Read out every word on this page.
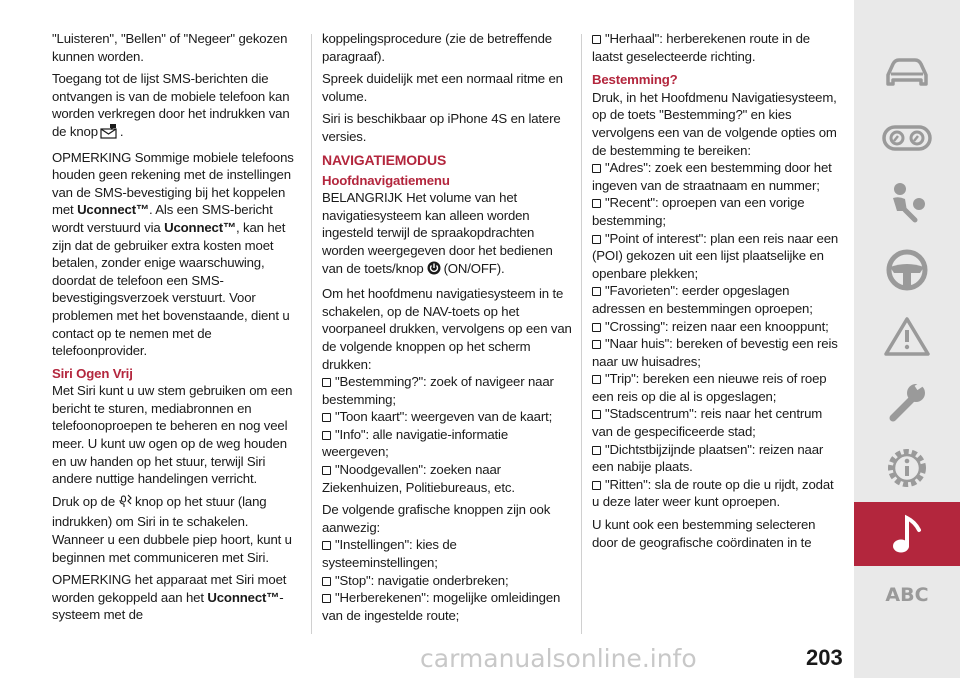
"Luisteren", "Bellen" of "Negeer" gekozen kunnen worden.

Toegang tot de lijst SMS-berichten die ontvangen is van de mobiele telefoon kan worden verkregen door het indrukken van de knop .

OPMERKING Sommige mobiele telefoons houden geen rekening met de instellingen van de SMS-bevestiging bij het koppelen met Uconnect™. Als een SMS-bericht wordt verstuurd via Uconnect™, kan het zijn dat de gebruiker extra kosten moet betalen, zonder enige waarschuwing, doordat de telefoon een SMS-bevestigingsverzoek verstuurt. Voor problemen met het bovenstaande, dient u contact op te nemen met de telefoonprovider.

Siri Ogen Vrij

Met Siri kunt u uw stem gebruiken om een bericht te sturen, mediabronnen en telefoonoproepen te beheren en nog veel meer. U kunt uw ogen op de weg houden en uw handen op het stuur, terwijl Siri andere nuttige handelingen verricht.

Druk op de knop op het stuur (lang indrukken) om Siri in te schakelen. Wanneer u een dubbele piep hoort, kunt u beginnen met communiceren met Siri.

OPMERKING het apparaat met Siri moet worden gekoppeld aan het Uconnect™-systeem met de

koppelingsprocedure (zie de betreffende paragraaf).

Spreek duidelijk met een normaal ritme en volume.

Siri is beschikbaar op iPhone 4S en latere versies.

NAVIGATIEMODUS
Hoofdnavigatiemenu

BELANGRIJK Het volume van het navigatiesysteem kan alleen worden ingesteld terwijl de spraakopdrachten worden weergegeven door het bedienen van de toets/knop (ON/OFF).

Om het hoofdmenu navigatiesysteem in te schakelen, op de NAV-toets op het voorpaneel drukken, vervolgens op een van de volgende knoppen op het scherm drukken:

"Bestemming?": zoek of navigeer naar bestemming;
"Toon kaart": weergeven van de kaart;
"Info": alle navigatie-informatie weergeven;
"Noodgevallen": zoeken naar Ziekenhuizen, Politiebureaus, etc.

De volgende grafische knoppen zijn ook aanwezig:

"Instellingen": kies de systeeminstellingen;
"Stop": navigatie onderbreken;
"Herberekenen": mogelijke omleidingen van de ingestelde route;
"Herhaal": herberekenen route in de laatst geselecteerde richting.
Bestemming?

Druk, in het Hoofdmenu Navigatiesysteem, op de toets "Bestemming?" en kies vervolgens een van de volgende opties om de bestemming te bereiken:

"Adres": zoek een bestemming door het ingeven van de straatnaam en nummer;
"Recent": oproepen van een vorige bestemming;
"Point of interest": plan een reis naar een (POI) gekozen uit een lijst plaatselijke en openbare plekken;
"Favorieten": eerder opgeslagen adressen en bestemmingen oproepen;
"Crossing": reizen naar een knooppunt;
"Naar huis": bereken of bevestig een reis naar uw huisadres;
"Trip": bereken een nieuwe reis of roep een reis op die al is opgeslagen;
"Stadscentrum": reis naar het centrum van de gespecificeerde stad;
"Dichtstbijzijnde plaatsen": reizen naar een nabije plaats.
"Ritten": sla de route op die u rijdt, zodat u deze later weer kunt oproepen.

U kunt ook een bestemming selecteren door de geografische coördinaten in te

ABC
carmanualsonline.info	203
